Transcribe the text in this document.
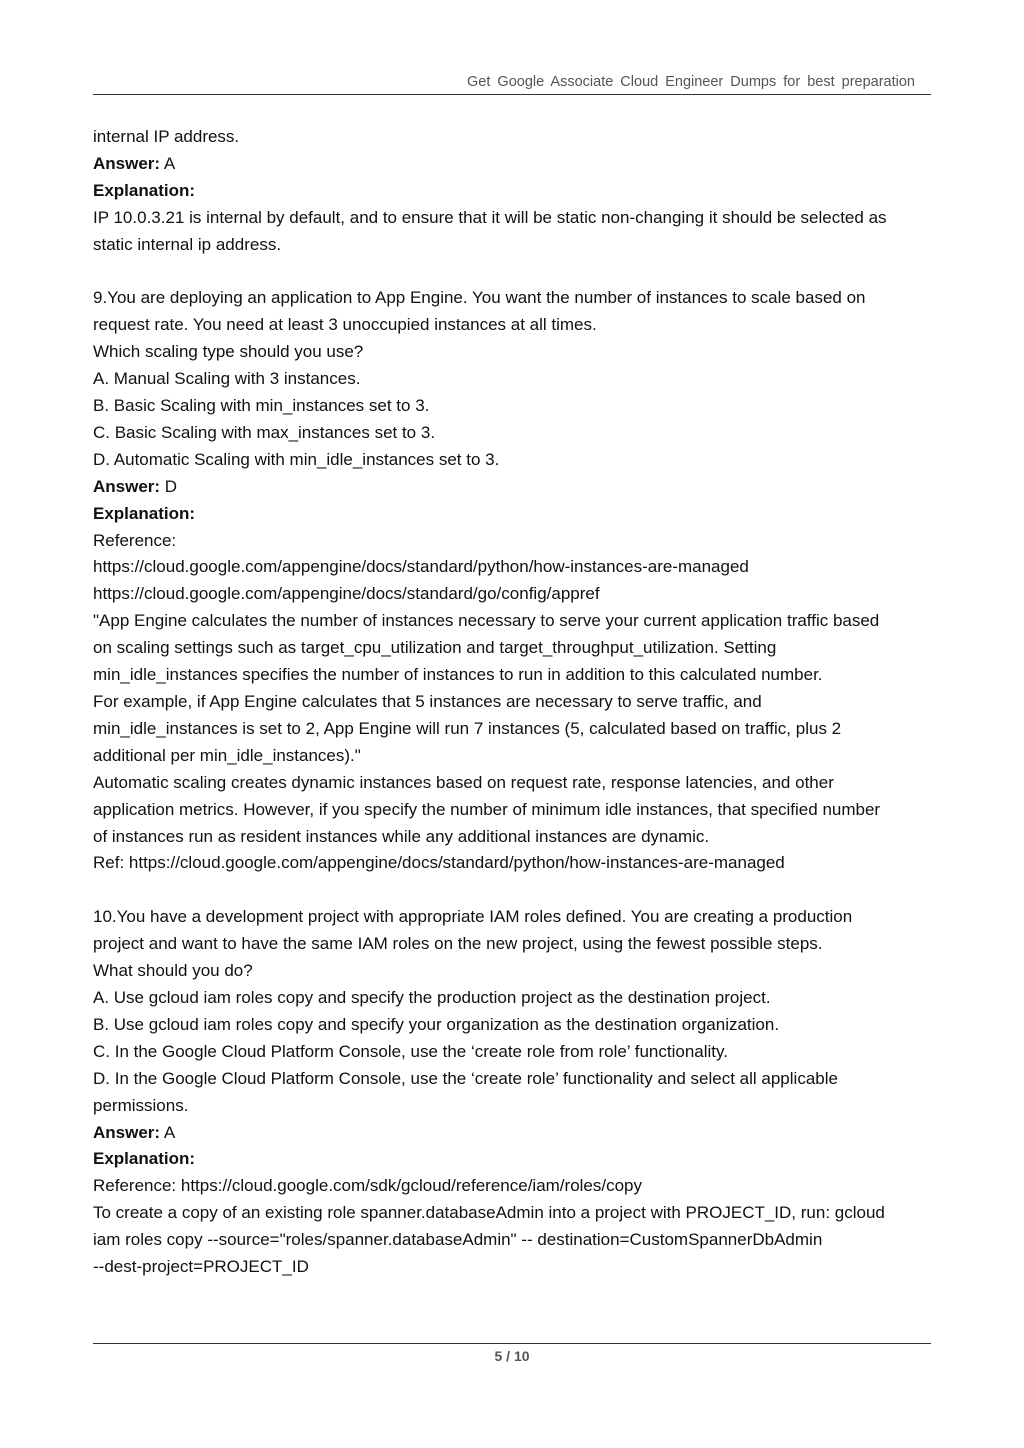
Get Google Associate Cloud Engineer Dumps for best preparation
internal IP address.
Answer: A
Explanation:
IP 10.0.3.21 is internal by default, and to ensure that it will be static non-changing it should be selected as
static internal ip address.
9.You are deploying an application to App Engine. You want the number of instances to scale based on
request rate. You need at least 3 unoccupied instances at all times.
Which scaling type should you use?
A. Manual Scaling with 3 instances.
B. Basic Scaling with min_instances set to 3.
C. Basic Scaling with max_instances set to 3.
D. Automatic Scaling with min_idle_instances set to 3.
Answer: D
Explanation:
Reference:
https://cloud.google.com/appengine/docs/standard/python/how-instances-are-managed
https://cloud.google.com/appengine/docs/standard/go/config/appref
"App Engine calculates the number of instances necessary to serve your current application traffic based
on scaling settings such as target_cpu_utilization and target_throughput_utilization. Setting
min_idle_instances specifies the number of instances to run in addition to this calculated number.
For example, if App Engine calculates that 5 instances are necessary to serve traffic, and
min_idle_instances is set to 2, App Engine will run 7 instances (5, calculated based on traffic, plus 2
additional per min_idle_instances)."
Automatic scaling creates dynamic instances based on request rate, response latencies, and other
application metrics. However, if you specify the number of minimum idle instances, that specified number
of instances run as resident instances while any additional instances are dynamic.
Ref: https://cloud.google.com/appengine/docs/standard/python/how-instances-are-managed
10.You have a development project with appropriate IAM roles defined. You are creating a production
project and want to have the same IAM roles on the new project, using the fewest possible steps.
What should you do?
A. Use gcloud iam roles copy and specify the production project as the destination project.
B. Use gcloud iam roles copy and specify your organization as the destination organization.
C. In the Google Cloud Platform Console, use the ‘create role from role’ functionality.
D. In the Google Cloud Platform Console, use the ‘create role’ functionality and select all applicable
permissions.
Answer: A
Explanation:
Reference: https://cloud.google.com/sdk/gcloud/reference/iam/roles/copy
To create a copy of an existing role spanner.databaseAdmin into a project with PROJECT_ID, run: gcloud
iam roles copy --source="roles/spanner.databaseAdmin" -- destination=CustomSpannerDbAdmin
--dest-project=PROJECT_ID
5 / 10
